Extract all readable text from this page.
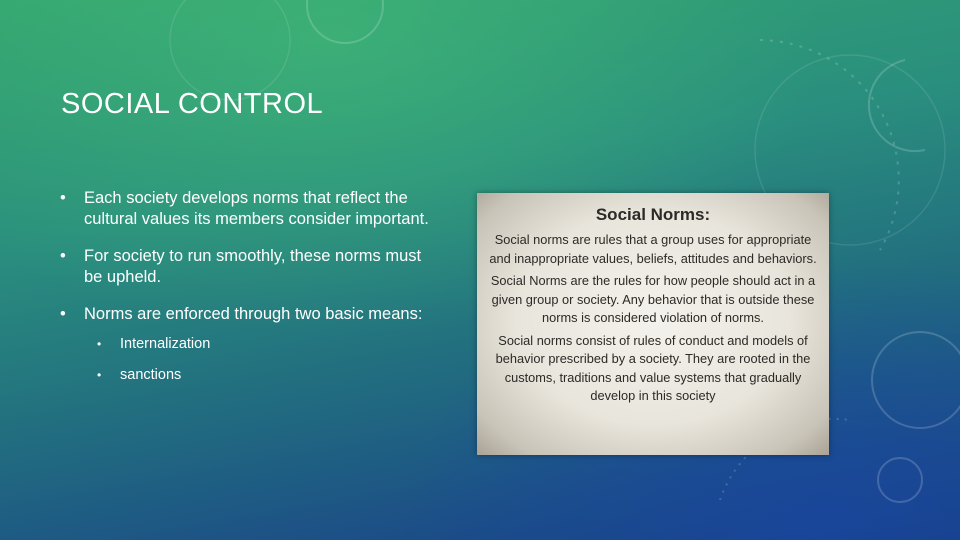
SOCIAL CONTROL
• Each society develops norms that reflect the cultural values its members consider important.
• For society to run smoothly, these norms must be upheld.
• Norms are enforced through two basic means:
• Internalization
• sanctions
Social Norms:

Social norms are rules that a group uses for appropriate and inappropriate values, beliefs, attitudes and behaviors.

Social Norms are the rules for how people should act in a given group or society. Any behavior that is outside these norms is considered violation of norms.

Social norms consist of rules of conduct and models of behavior prescribed by a society. They are rooted in the customs, traditions and value systems that gradually develop in this society
